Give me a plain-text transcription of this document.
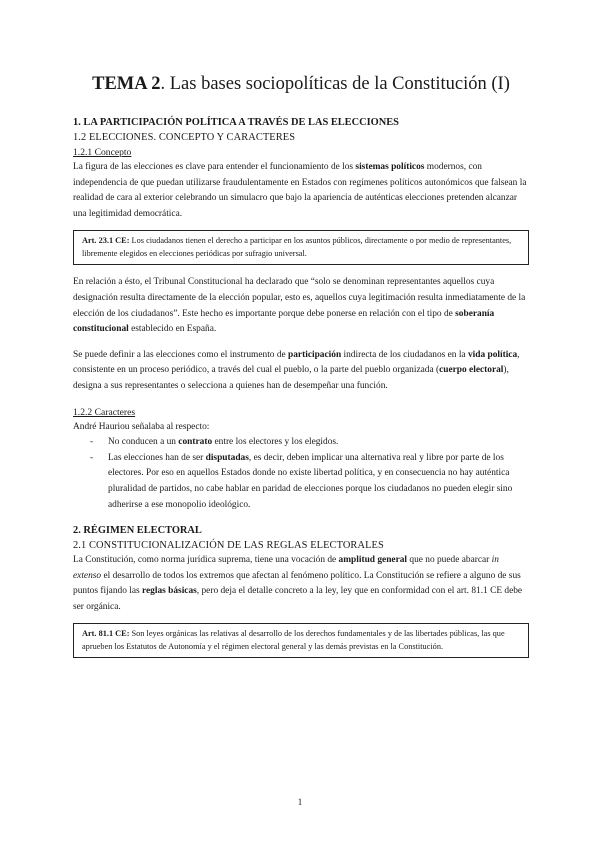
TEMA 2. Las bases sociopolíticas de la Constitución (I)
1. LA PARTICIPACIÓN POLÍTICA A TRAVÉS DE LAS ELECCIONES
1.2 ELECCIONES. CONCEPTO Y CARACTERES
1.2.1 Concepto

La figura de las elecciones es clave para entender el funcionamiento de los sistemas políticos modernos, con independencia de que puedan utilizarse fraudulentamente en Estados con regímenes políticos autonómicos que falsean la realidad de cara al exterior celebrando un simulacro que bajo la apariencia de auténticas elecciones pretenden alcanzar una legitimidad democrática.

Art. 23.1 CE: Los ciudadanos tienen el derecho a participar en los asuntos públicos, directamente o por medio de representantes, libremente elegidos en elecciones periódicas por sufragio universal.

En relación a ésto, el Tribunal Constitucional ha declarado que “solo se denominan representantes aquellos cuya designación resulta directamente de la elección popular, esto es, aquellos cuya legitimación resulta inmediatamente de la elección de los ciudadanos”. Este hecho es importante porque debe ponerse en relación con el tipo de soberanía constitucional establecido en España.

Se puede definir a las elecciones como el instrumento de participación indirecta de los ciudadanos en la vida política, consistente en un proceso periódico, a través del cual el pueblo, o la parte del pueblo organizada (cuerpo electoral), designa a sus representantes o selecciona a quienes han de desempeñar una función.

1.2.2 Caracteres

André Hauriou señalaba al respecto:

- No conducen a un contrato entre los electores y los elegidos.
- Las elecciones han de ser disputadas, es decir, deben implicar una alternativa real y libre por parte de los electores. Por eso en aquellos Estados donde no existe libertad política, y en consecuencia no hay auténtica pluralidad de partidos, no cabe hablar en paridad de elecciones porque los ciudadanos no pueden elegir sino adherirse a ese monopolio ideológico.
2. RÉGIMEN ELECTORAL
2.1 CONSTITUCIONALIZACIÓN DE LAS REGLAS ELECTORALES

La Constitución, como norma jurídica suprema, tiene una vocación de amplitud general que no puede abarcar in extenso el desarrollo de todos los extremos que afectan al fenómeno político. La Constitución se refiere a alguno de sus puntos fijando las reglas básicas, pero deja el detalle concreto a la ley, ley que en conformidad con el art. 81.1 CE debe ser orgánica.

Art. 81.1 CE: Son leyes orgánicas las relativas al desarrollo de los derechos fundamentales y de las libertades públicas, las que aprueben los Estatutos de Autonomía y el régimen electoral general y las demás previstas en la Constitución.
1
